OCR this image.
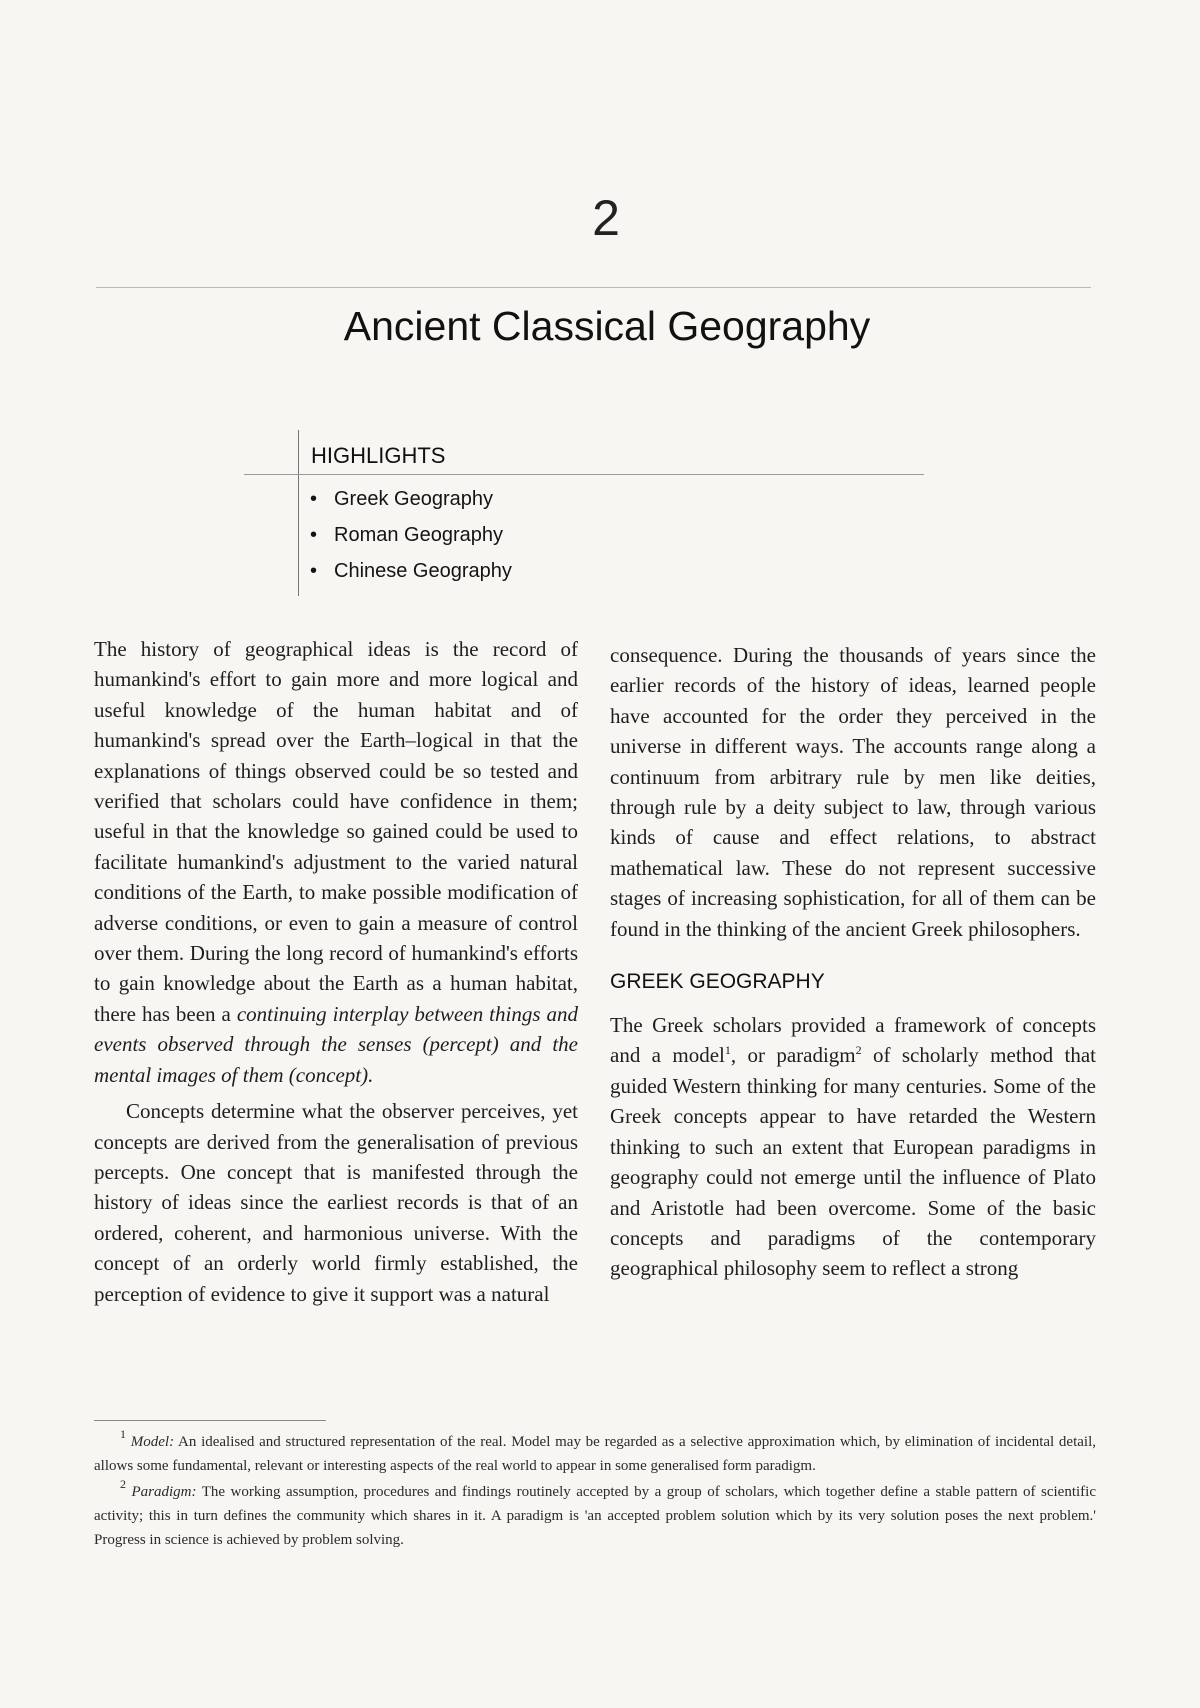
2
Ancient Classical Geography
HIGHLIGHTS
• Greek Geography
• Roman Geography
• Chinese Geography

The history of geographical ideas is the record of humankind's effort to gain more and more logical and useful knowledge of the human habitat and of humankind's spread over the Earth–logical in that the explanations of things observed could be so tested and verified that scholars could have confidence in them; useful in that the knowledge so gained could be used to facilitate humankind's adjustment to the varied natural conditions of the Earth, to make possible modification of adverse conditions, or even to gain a measure of control over them. During the long record of humankind's efforts to gain knowledge about the Earth as a human habitat, there has been a continuing interplay between things and events observed through the senses (percept) and the mental images of them (concept).

Concepts determine what the observer perceives, yet concepts are derived from the generalisation of previous percepts. One concept that is manifested through the history of ideas since the earliest records is that of an ordered, coherent, and harmonious universe. With the concept of an orderly world firmly established, the perception of evidence to give it support was a natural

consequence. During the thousands of years since the earlier records of the history of ideas, learned people have accounted for the order they perceived in the universe in different ways. The accounts range along a continuum from arbitrary rule by men like deities, through rule by a deity subject to law, through various kinds of cause and effect relations, to abstract mathematical law. These do not represent successive stages of increasing sophistication, for all of them can be found in the thinking of the ancient Greek philosophers.

GREEK GEOGRAPHY

The Greek scholars provided a framework of concepts and a model$^1$, or paradigm$^2$ of scholarly method that guided Western thinking for many centuries. Some of the Greek concepts appear to have retarded the Western thinking to such an extent that European paradigms in geography could not emerge until the influence of Plato and Aristotle had been overcome. Some of the basic concepts and paradigms of the contemporary geographical philosophy seem to reflect a strong

$^1$ Model: An idealised and structured representation of the real. Model may be regarded as a selective approximation which, by elimination of incidental detail, allows some fundamental, relevant or interesting aspects of the real world to appear in some generalised form paradigm.

$^2$ Paradigm: The working assumption, procedures and findings routinely accepted by a group of scholars, which together define a stable pattern of scientific activity; this in turn defines the community which shares in it. A paradigm is 'an accepted problem solution which by its very solution poses the next problem.' Progress in science is achieved by problem solving.
